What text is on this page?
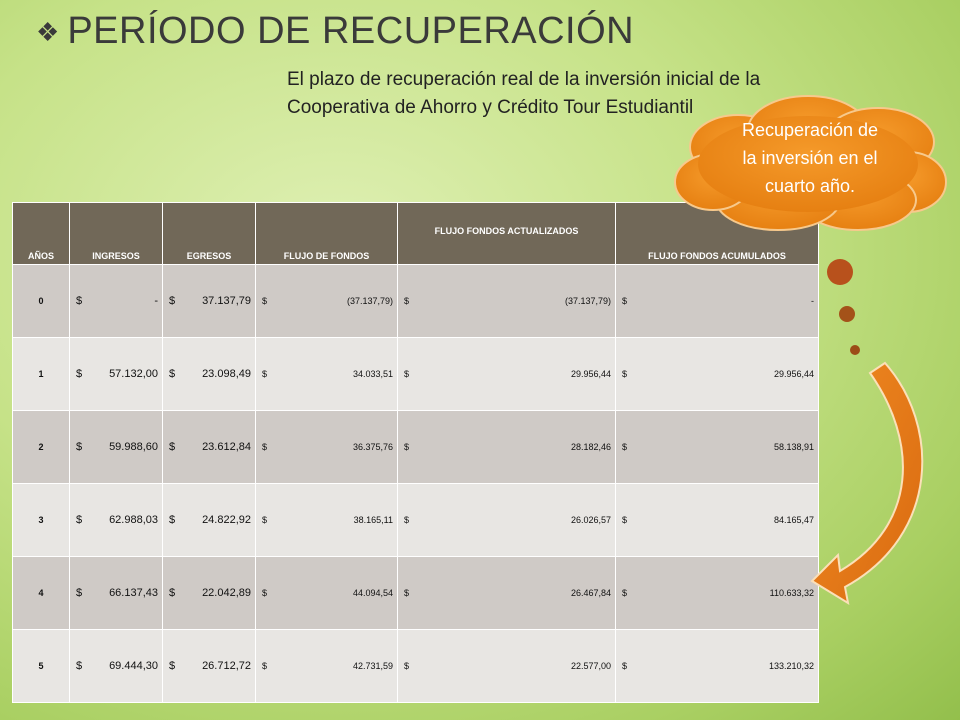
❖ PERÍODO DE RECUPERACIÓN
El plazo de recuperación real de la inversión inicial de la
Cooperativa de Ahorro y Crédito Tour Estudiantil
AÑOS	INGRESOS	EGRESOS	FLUJO DE FONDOS	FLUJO FONDOS ACTUALIZADOS	FLUJO FONDOS ACUMULADOS
0	$ -	$ 37.137,79	$ (37.137,79)	$ (37.137,79)	$ -

1	$ 57.132,00	$ 23.098,49	$ 34.033,51	$ 29.956,44	$ 29.956,44

2	$ 59.988,60	$ 23.612,84	$ 36.375,76	$ 28.182,46	$ 58.138,91

3	$ 62.988,03	$ 24.822,92	$ 38.165,11	$ 26.026,57	$ 84.165,47

4	$ 66.137,43	$ 22.042,89	$ 44.094,54	$ 26.467,84	$ 110.633,32

5	$ 69.444,30	$ 26.712,72	$ 42.731,59	$ 22.577,00	$ 133.210,32
Recuperación de
la inversión en el
cuarto año.
